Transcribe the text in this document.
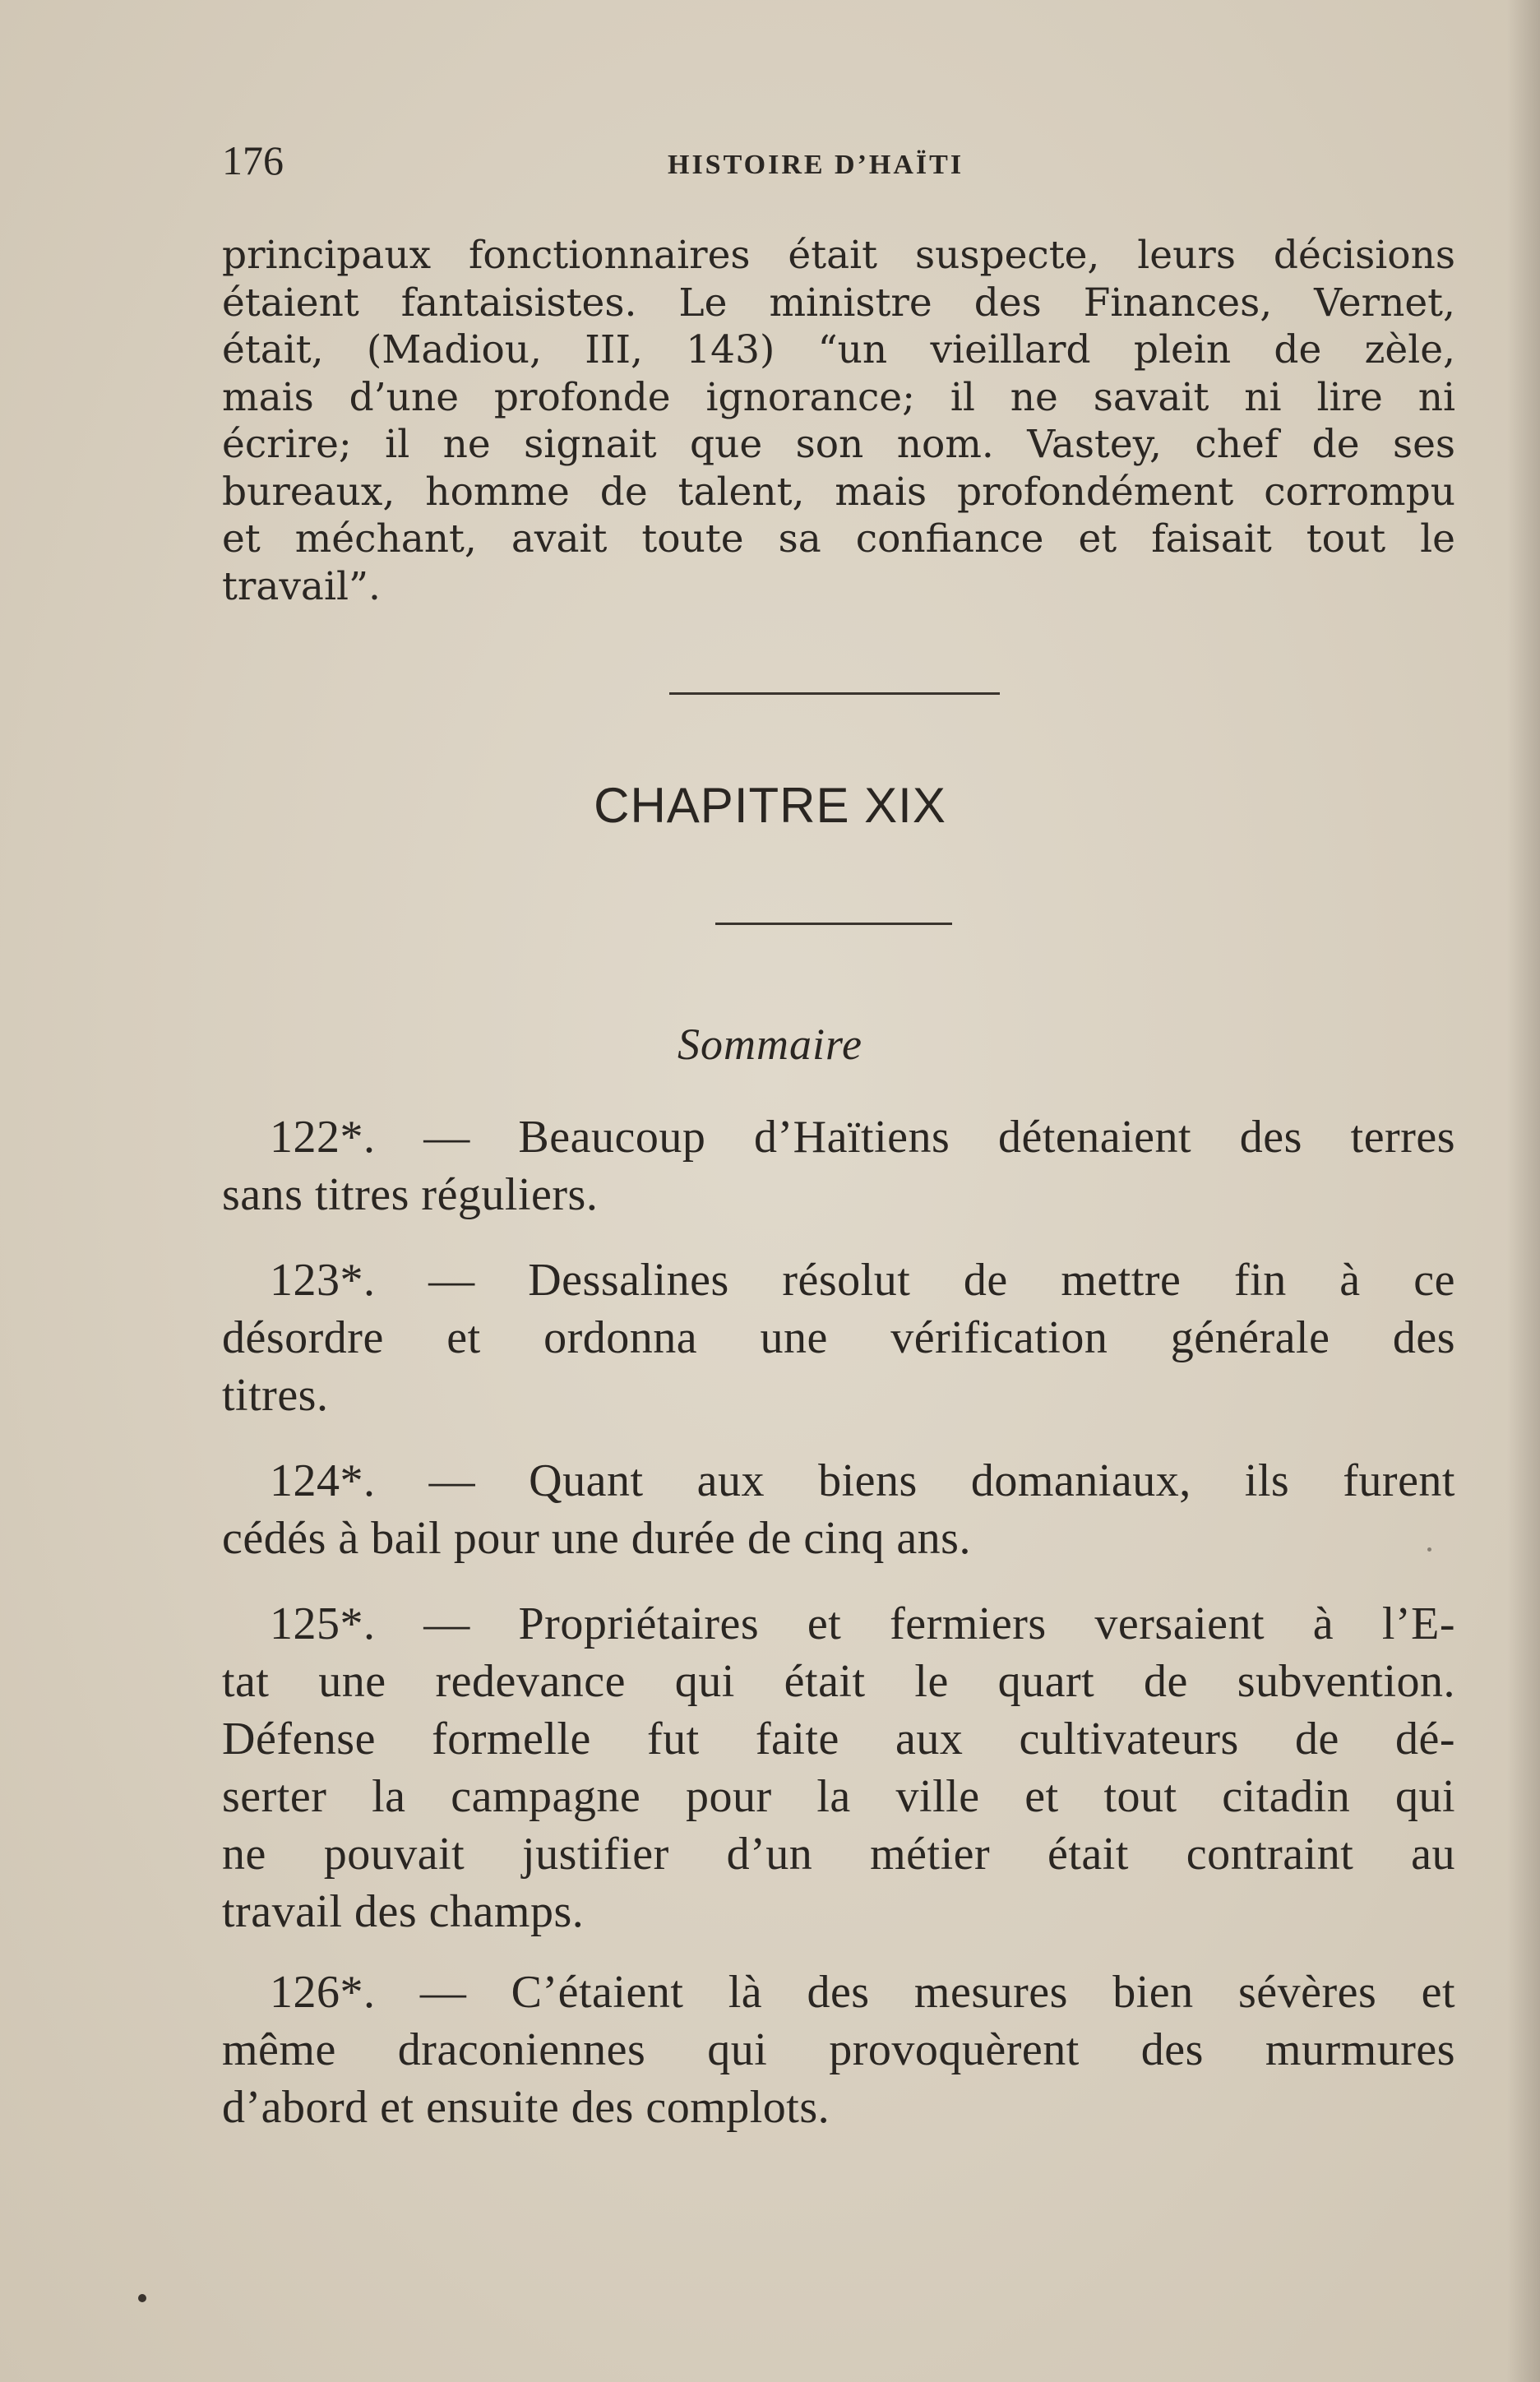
176	HISTOIRE D’HAÏTI
principaux fonctionnaires était suspecte, leurs décisions
étaient fantaisistes. Le ministre des Finances, Vernet,
était, (Madiou, III, 143) “un vieillard plein de zèle,
mais d’une profonde ignorance; il ne savait ni lire ni
écrire; il ne signait que son nom. Vastey, chef de ses
bureaux, homme de talent, mais profondément corrompu
et méchant, avait toute sa confiance et faisait tout le
travail”.
CHAPITRE XIX
Sommaire
122*. — Beaucoup d’Haïtiens détenaient des terres
sans titres réguliers.
123*. — Dessalines résolut de mettre fin à ce
désordre et ordonna une vérification générale des
titres.
124*. — Quant aux biens domaniaux, ils furent
cédés à bail pour une durée de cinq ans.
125*. — Propriétaires et fermiers versaient à l’E-
tat une redevance qui était le quart de subvention.
Défense formelle fut faite aux cultivateurs de dé-
serter la campagne pour la ville et tout citadin qui
ne pouvait justifier d’un métier était contraint au
travail des champs.
126*. — C’étaient là des mesures bien sévères et
même draconiennes qui provoquèrent des murmures
d’abord et ensuite des complots.
